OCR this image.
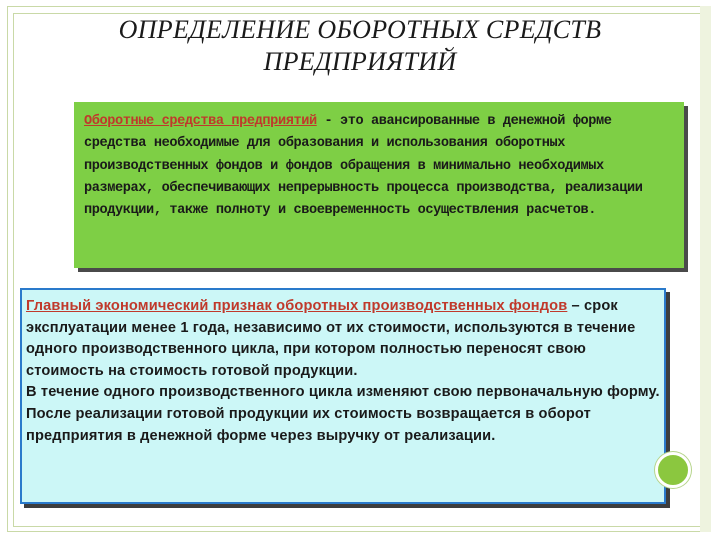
ОПРЕДЕЛЕНИЕ ОБОРОТНЫХ СРЕДСТВ
ПРЕДПРИЯТИЙ
Оборотные средства предприятий - это авансированные в денежной форме средства необходимые для образования и использования оборотных производственных фондов и фондов обращения в минимально необходимых размерах, обеспечивающих непрерывность процесса производства, реализации продукции, также полноту и своевременность осуществления расчетов.
Главный экономический признак оборотных производственных фондов – срок эксплуатации менее 1 года, независимо от их стоимости, используются в течение одного производственного цикла, при котором полностью переносят свою стоимость на стоимость готовой продукции.
В течение одного производственного цикла изменяют свою первоначальную форму. После реализации готовой продукции их стоимость возвращается в оборот предприятия в денежной форме через выручку от реализации.
